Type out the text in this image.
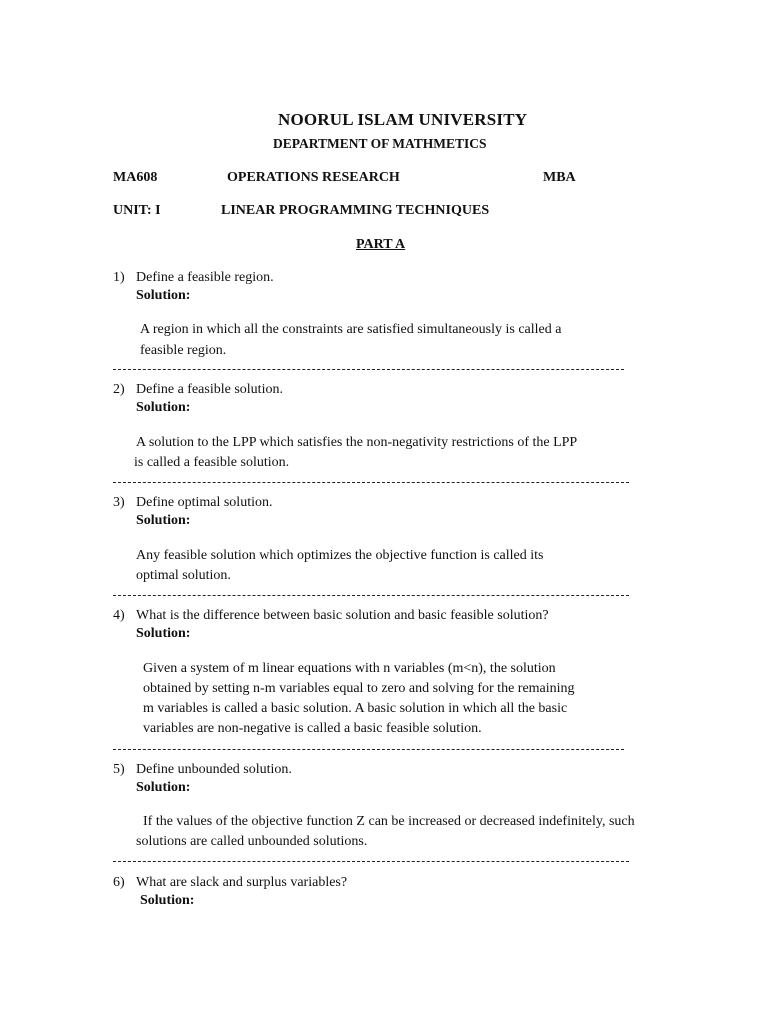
NOORUL ISLAM UNIVERSITY
DEPARTMENT OF MATHMETICS
MA608	OPERATIONS RESEARCH	MBA
UNIT: I	LINEAR PROGRAMMING TECHNIQUES
PART A
1) Define a feasible region.
Solution:
A region in which all the constraints are satisfied simultaneously is called a
feasible region.
2) Define a feasible solution.
Solution:
A solution to the LPP which satisfies the non-negativity restrictions of the LPP
is called a feasible solution.
3) Define optimal solution.
Solution:
Any feasible solution which optimizes the objective function is called its
optimal solution.
4) What is the difference between basic solution and basic feasible solution?
Solution:
Given a system of m linear equations with n variables (m<n), the solution
obtained by setting n-m variables equal to zero and solving for the remaining
m variables is called a basic solution. A basic solution in which all the basic
variables are non-negative is called a basic feasible solution.
5) Define unbounded solution.
Solution:
If the values of the objective function Z can be increased or decreased indefinitely, such
solutions are called unbounded solutions.
6) What are slack and surplus variables?
Solution:
